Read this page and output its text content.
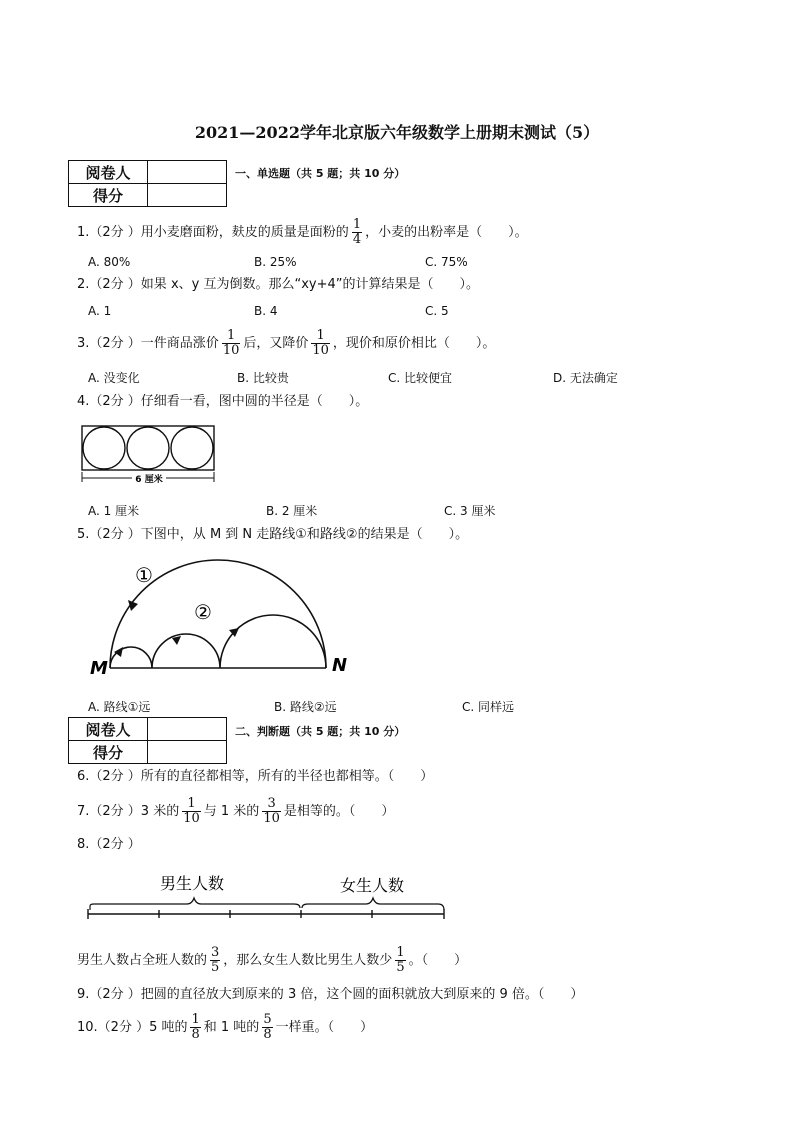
2021—2022学年北京版六年级数学上册期末测试（5）
阅卷人	
得分	
一、单选题（共 5 题；共 10 分）
1.（2分 ）用小麦磨面粉，麸皮的质量是面粉的 $\frac{1}{4}$ ，小麦的出粉率是（　　）。
A. 80%	B. 25%	C. 75%
2.（2分 ）如果 x、y 互为倒数。那么“xy+4”的计算结果是（　　）。
A. 1	B. 4	C. 5
3.（2分 ）一件商品涨价 $\frac{1}{10}$ 后，又降价 $\frac{1}{10}$ ，现价和原价相比（　　）。
A. 没变化	B. 比较贵	C. 比较便宜	D. 无法确定
4.（2分 ）仔细看一看，图中圆的半径是（　　）。
6 厘米
A. 1 厘米	B. 2 厘米	C. 3 厘米
5.（2分 ）下图中，从 M 到 N 走路线①和路线②的结果是（　　）。
①
②
M	N
A. 路线①远	B. 路线②远	C. 同样远
阅卷人	
得分	
二、判断题（共 5 题；共 10 分）
6.（2分 ）所有的直径都相等，所有的半径也都相等。（　　）
7.（2分 ）3 米的 $\frac{1}{10}$ 与 1 米的 $\frac{3}{10}$ 是相等的。（　　）
8.（2分 ）
男生人数	女生人数
男生人数占全班人数的 $\frac{3}{5}$ ，那么女生人数比男生人数少 $\frac{1}{5}$ 。（　　）
9.（2分 ）把圆的直径放大到原来的 3 倍，这个圆的面积就放大到原来的 9 倍。（　　）
10.（2分 ）5 吨的 $\frac{1}{8}$ 和 1 吨的 $\frac{5}{8}$ 一样重。（　　）
